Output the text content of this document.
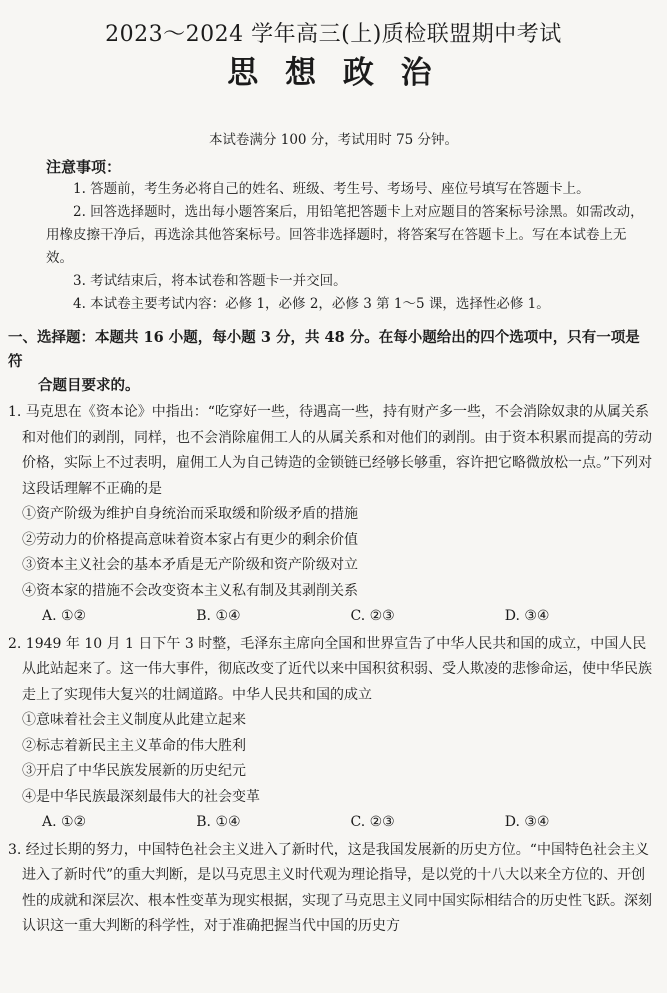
2023～2024 学年高三(上)质检联盟期中考试
思 想 政 治
本试卷满分 100 分，考试用时 75 分钟。
注意事项：
1. 答题前，考生务必将自己的姓名、班级、考生号、考场号、座位号填写在答题卡上。
2. 回答选择题时，选出每小题答案后，用铅笔把答题卡上对应题目的答案标号涂黑。如需改动，用橡皮擦干净后，再选涂其他答案标号。回答非选择题时，将答案写在答题卡上。写在本试卷上无效。
3. 考试结束后，将本试卷和答题卡一并交回。
4. 本试卷主要考试内容：必修 1，必修 2，必修 3 第 1～5 课，选择性必修 1。
一、选择题：本题共 16 小题，每小题 3 分，共 48 分。在每小题给出的四个选项中，只有一项是符
合题目要求的。
1. 马克思在《资本论》中指出：“吃穿好一些，待遇高一些，持有财产多一些，不会消除奴隶的从属关系和对他们的剥削，同样，也不会消除雇佣工人的从属关系和对他们的剥削。由于资本积累而提高的劳动价格，实际上不过表明，雇佣工人为自己铸造的金锁链已经够长够重，容许把它略微放松一点。”下列对这段话理解不正确的是
①资产阶级为维护自身统治而采取缓和阶级矛盾的措施
②劳动力的价格提高意味着资本家占有更少的剩余价值
③资本主义社会的基本矛盾是无产阶级和资产阶级对立
④资本家的措施不会改变资本主义私有制及其剥削关系
A. ①②	B. ①④	C. ②③	D. ③④
2. 1949 年 10 月 1 日下午 3 时整，毛泽东主席向全国和世界宣告了中华人民共和国的成立，中国人民从此站起来了。这一伟大事件，彻底改变了近代以来中国积贫积弱、受人欺凌的悲惨命运，使中华民族走上了实现伟大复兴的壮阔道路。中华人民共和国的成立
①意味着社会主义制度从此建立起来
②标志着新民主主义革命的伟大胜利
③开启了中华民族发展新的历史纪元
④是中华民族最深刻最伟大的社会变革
A. ①②	B. ①④	C. ②③	D. ③④
3. 经过长期的努力，中国特色社会主义进入了新时代，这是我国发展新的历史方位。“中国特色社会主义进入了新时代”的重大判断，是以马克思主义时代观为理论指导，是以党的十八大以来全方位的、开创性的成就和深层次、根本性变革为现实根据，实现了马克思主义同中国实际相结合的历史性飞跃。深刻认识这一重大判断的科学性，对于准确把握当代中国的历史方
